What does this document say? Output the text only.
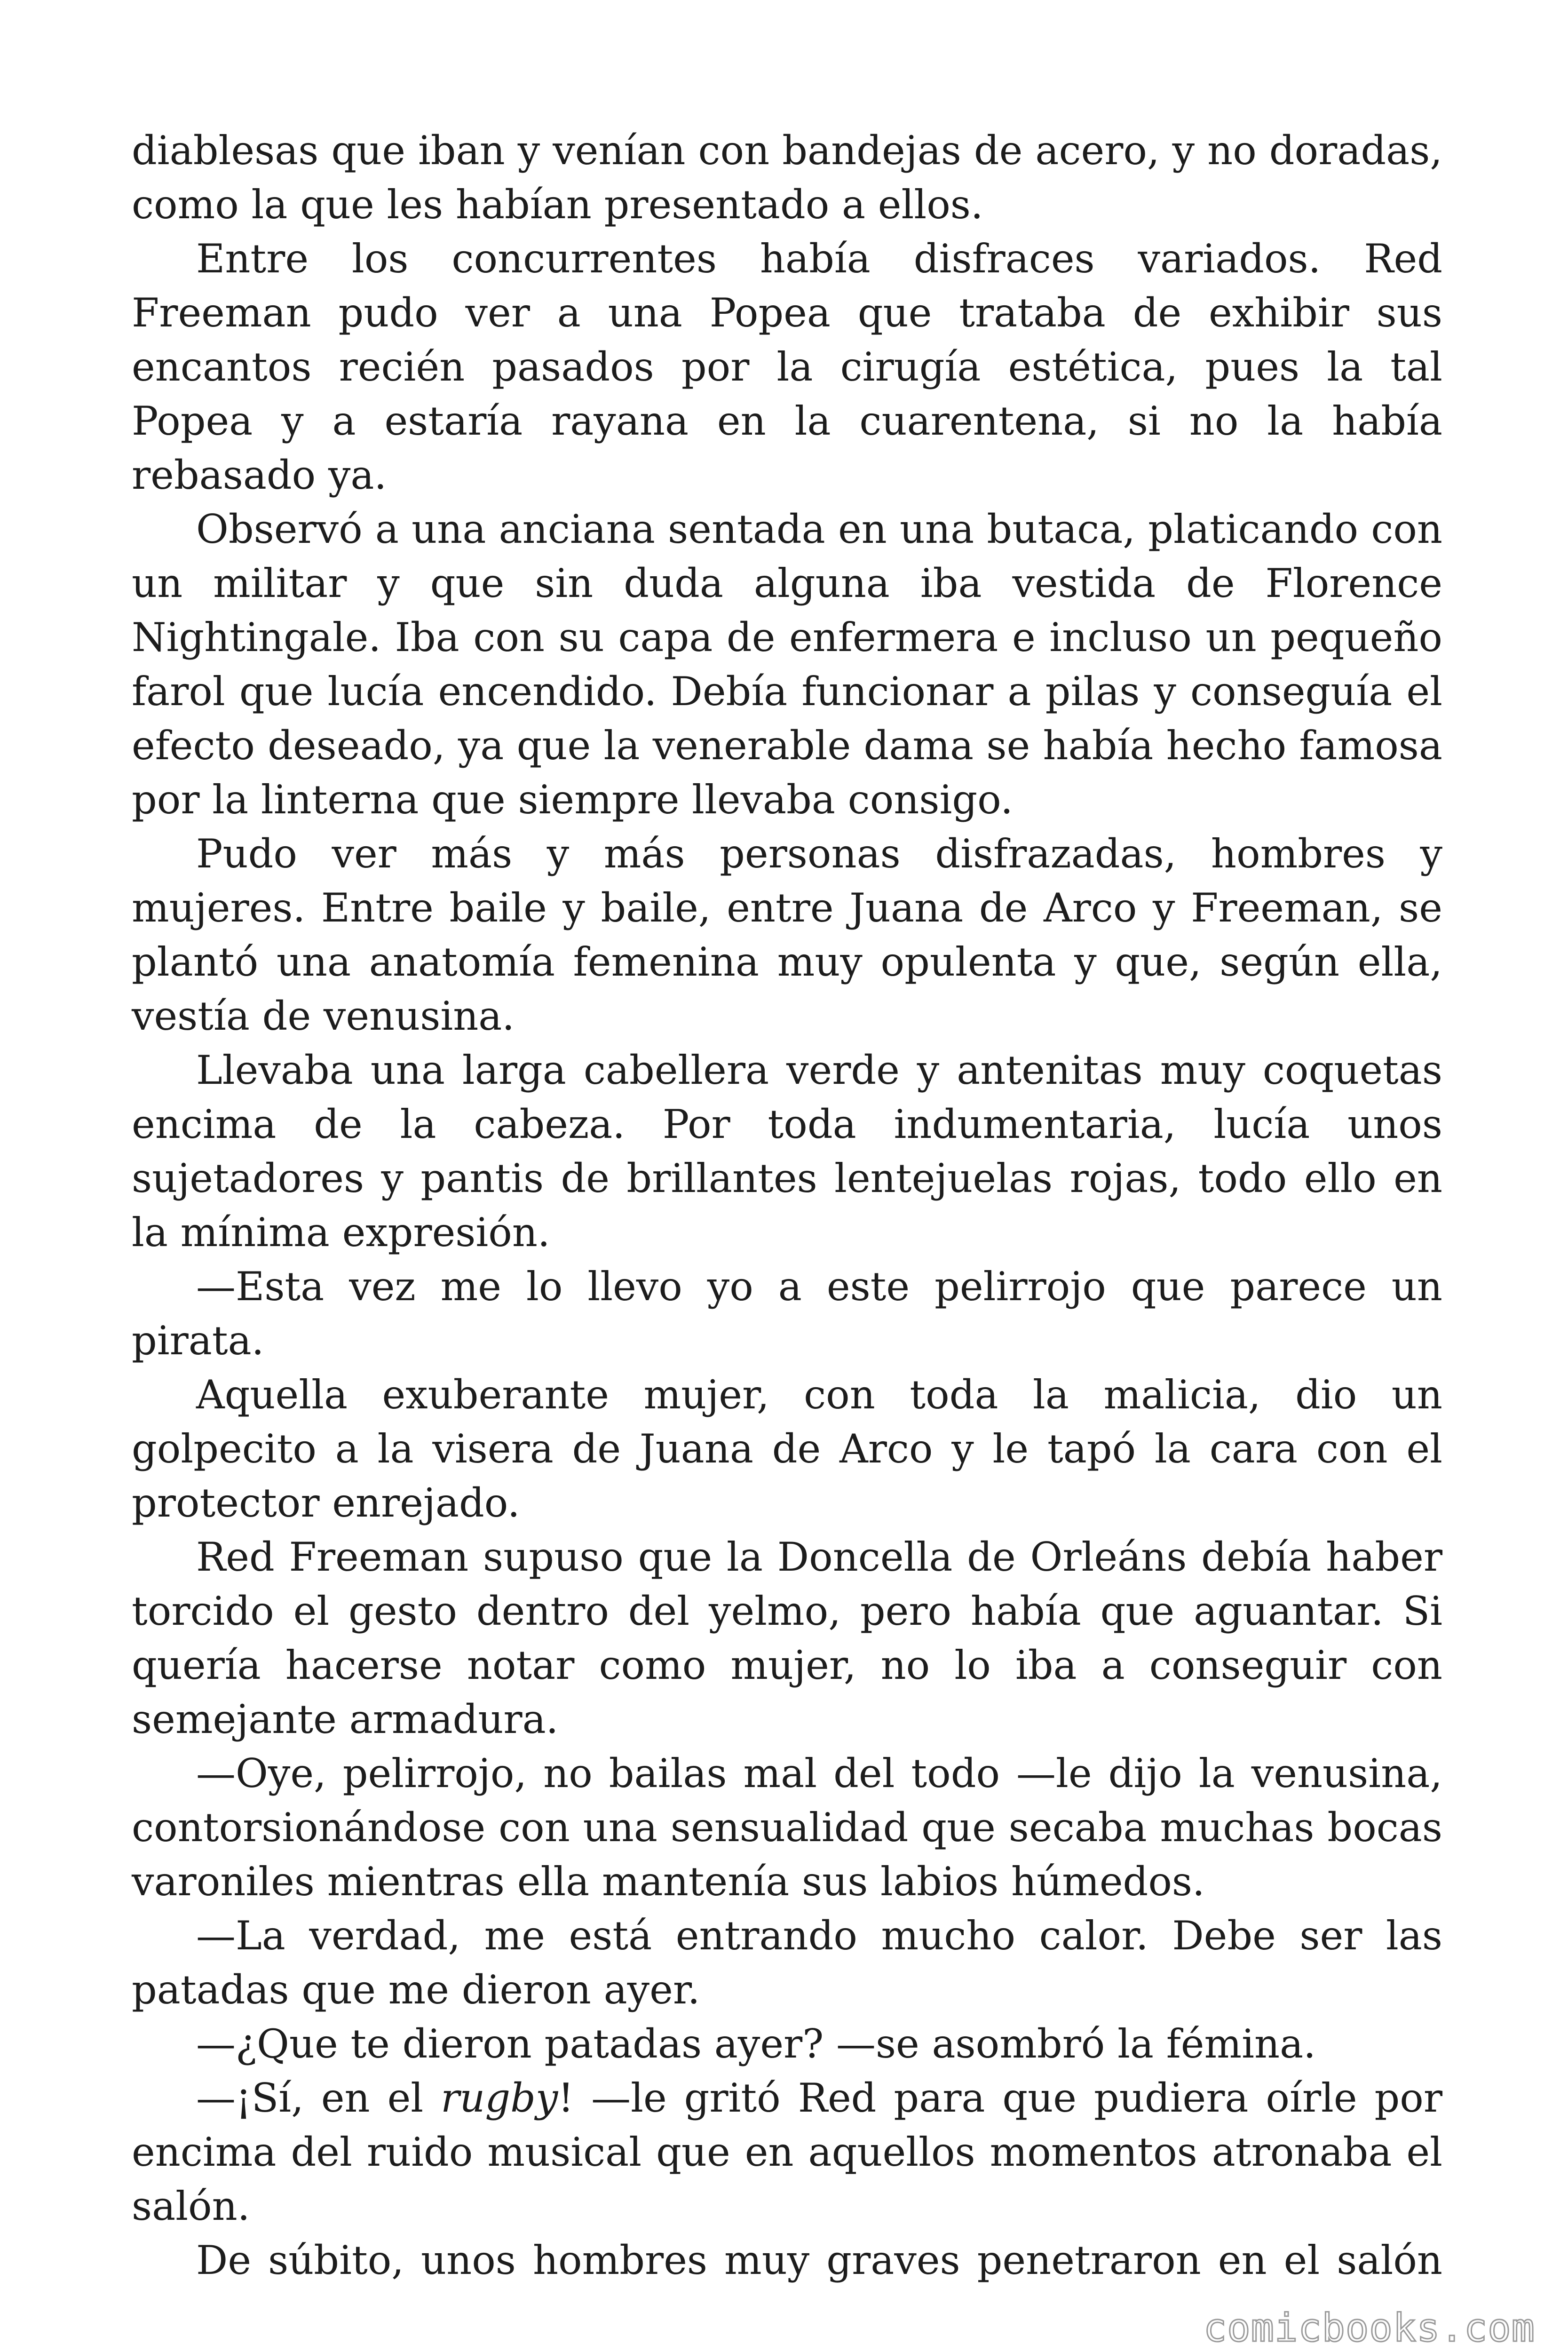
diablesas que iban y venían con bandejas de acero, y no doradas, como la que les habían presentado a ellos.

Entre los concurrentes había disfraces variados. Red Freeman pudo ver a una Popea que trataba de exhibir sus encantos recién pasados por la cirugía estética, pues la tal Popea y a estaría rayana en la cuarentena, si no la había rebasado ya.

Observó a una anciana sentada en una butaca, platicando con un militar y que sin duda alguna iba vestida de Florence Nightingale. Iba con su capa de enfermera e incluso un pequeño farol que lucía encendido. Debía funcionar a pilas y conseguía el efecto deseado, ya que la venerable dama se había hecho famosa por la linterna que siempre llevaba consigo.

Pudo ver más y más personas disfrazadas, hombres y mujeres. Entre baile y baile, entre Juana de Arco y Freeman, se plantó una anatomía femenina muy opulenta y que, según ella, vestía de venusina.

Llevaba una larga cabellera verde y antenitas muy coquetas encima de la cabeza. Por toda indumentaria, lucía unos sujetadores y pantis de brillantes lentejuelas rojas, todo ello en la mínima expresión.

—Esta vez me lo llevo yo a este pelirrojo que parece un pirata.

Aquella exuberante mujer, con toda la malicia, dio un golpecito a la visera de Juana de Arco y le tapó la cara con el protector enrejado.

Red Freeman supuso que la Doncella de Orleáns debía haber torcido el gesto dentro del yelmo, pero había que aguantar. Si quería hacerse notar como mujer, no lo iba a conseguir con semejante armadura.

—Oye, pelirrojo, no bailas mal del todo —le dijo la venusina, contorsionándose con una sensualidad que secaba muchas bocas varoniles mientras ella mantenía sus labios húmedos.

—La verdad, me está entrando mucho calor. Debe ser las patadas que me dieron ayer.

—¿Que te dieron patadas ayer? —se asombró la fémina.

—¡Sí, en el rugby! —le gritó Red para que pudiera oírle por encima del ruido musical que en aquellos momentos atronaba el salón.

De súbito, unos hombres muy graves penetraron en el salón

comicbooks.com
